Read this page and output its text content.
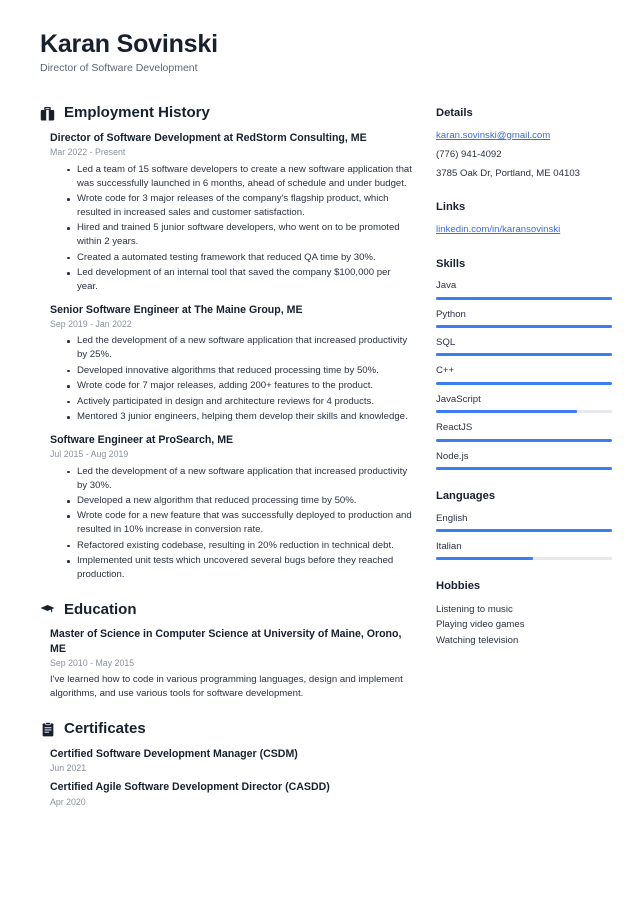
Karan Sovinski
Director of Software Development
Employment History
Director of Software Development at RedStorm Consulting, ME
Mar 2022 - Present
Led a team of 15 software developers to create a new software application that was successfully launched in 6 months, ahead of schedule and under budget.
Wrote code for 3 major releases of the company's flagship product, which resulted in increased sales and customer satisfaction.
Hired and trained 5 junior software developers, who went on to be promoted within 2 years.
Created a automated testing framework that reduced QA time by 30%.
Led development of an internal tool that saved the company $100,000 per year.
Senior Software Engineer at The Maine Group, ME
Sep 2019 - Jan 2022
Led the development of a new software application that increased productivity by 25%.
Developed innovative algorithms that reduced processing time by 50%.
Wrote code for 7 major releases, adding 200+ features to the product.
Actively participated in design and architecture reviews for 4 products.
Mentored 3 junior engineers, helping them develop their skills and knowledge.
Software Engineer at ProSearch, ME
Jul 2015 - Aug 2019
Led the development of a new software application that increased productivity by 30%.
Developed a new algorithm that reduced processing time by 50%.
Wrote code for a new feature that was successfully deployed to production and resulted in 10% increase in conversion rate.
Refactored existing codebase, resulting in 20% reduction in technical debt.
Implemented unit tests which uncovered several bugs before they reached production.
Education
Master of Science in Computer Science at University of Maine, Orono, ME
Sep 2010 - May 2015
I've learned how to code in various programming languages, design and implement algorithms, and use various tools for software development.
Certificates
Certified Software Development Manager (CSDM)
Jun 2021
Certified Agile Software Development Director (CASDD)
Apr 2020
Details
karan.sovinski@gmail.com
(776) 941-4092
3785 Oak Dr, Portland, ME 04103
Links
linkedin.com/in/karansovinski
Skills
Java
Python
SQL
C++
JavaScript
ReactJS
Node.js
Languages
English
Italian
Hobbies
Listening to music
Playing video games
Watching television
